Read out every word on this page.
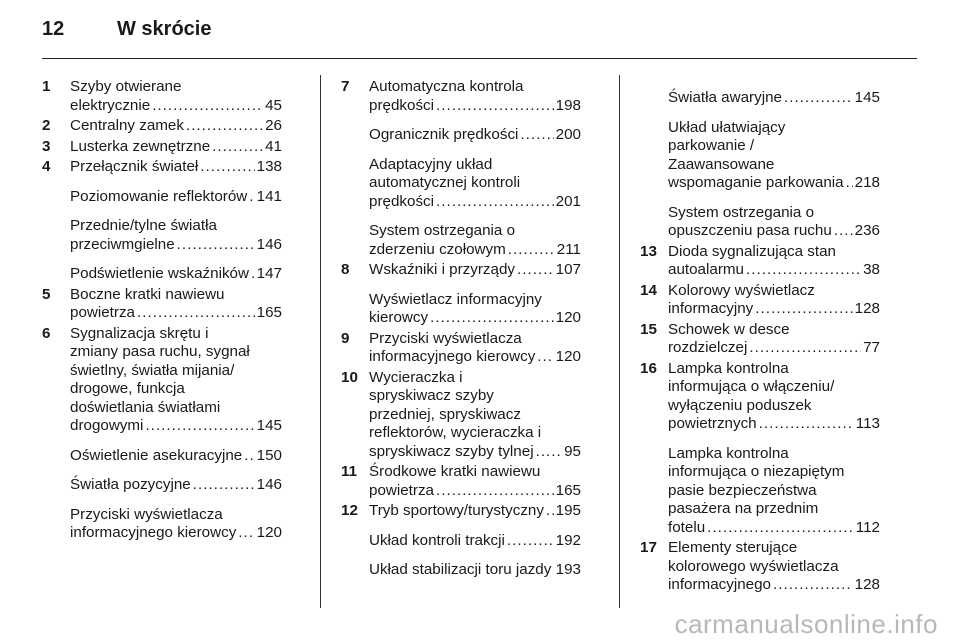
12	W skrócie
1 Szyby otwierane
elektrycznie . . .	45
2 Centralny zamek . . .	26
3 Lusterka zewnętrzne . . .	41
4 Przełącznik świateł . . .	138
Poziomowanie reflektorów . . . 141
Przednie/tylne światła
przeciwmgielne . . .	146
Podświetlenie wskaźników . . . 147
5 Boczne kratki nawiewu
powietrza . . .	165
6 Sygnalizacja skrętu i
zmiany pasa ruchu, sygnał
świetlny, światła mijania/
drogowe, funkcja
doświetlania światłami
drogowymi . . .	145
Oświetlenie asekuracyjne . . . 150
Światła pozycyjne . . .	146
Przyciski wyświetlacza
informacyjnego kierowcy . . . 120
7 Automatyczna kontrola
prędkości . . .	198
Ogranicznik prędkości . . . 200
Adaptacyjny układ
automatycznej kontroli
prędkości . . .	201
System ostrzegania o
zderzeniu czołowym . . .	211
8 Wskaźniki i przyrządy . . .	107
Wyświetlacz informacyjny
kierowcy . . .	120
9 Przyciski wyświetlacza
informacyjnego kierowcy . . . 120
10 Wycieraczka i
spryskiwacz szyby
przedniej, spryskiwacz
reflektorów, wycieraczka i
spryskiwacz szyby tylnej . . . 95
11 Środkowe kratki nawiewu
powietrza . . .	165
12 Tryb sportowy/turystyczny . . . 195
Układ kontroli trakcji . . .	192
Układ stabilizacji toru jazdy . . . 193
Światła awaryjne . . .	145
Układ ułatwiający
parkowanie /
Zaawansowane
wspomaganie parkowania . . . 218
System ostrzegania o
opuszczeniu pasa ruchu . . . 236
13 Dioda sygnalizująca stan
autoalarmu . . .	38
14 Kolorowy wyświetlacz
informacyjny . . .	128
15 Schowek w desce
rozdzielczej . . .	77
16 Lampka kontrolna
informująca o włączeniu/
wyłączeniu poduszek
powietrznych . . .	113
Lampka kontrolna
informująca o niezapiętym
pasie bezpieczeństwa
pasażera na przednim
fotelu . . .	112
17 Elementy sterujące
kolorowego wyświetlacza
informacyjnego . . .	128
carmanualsonline.info
